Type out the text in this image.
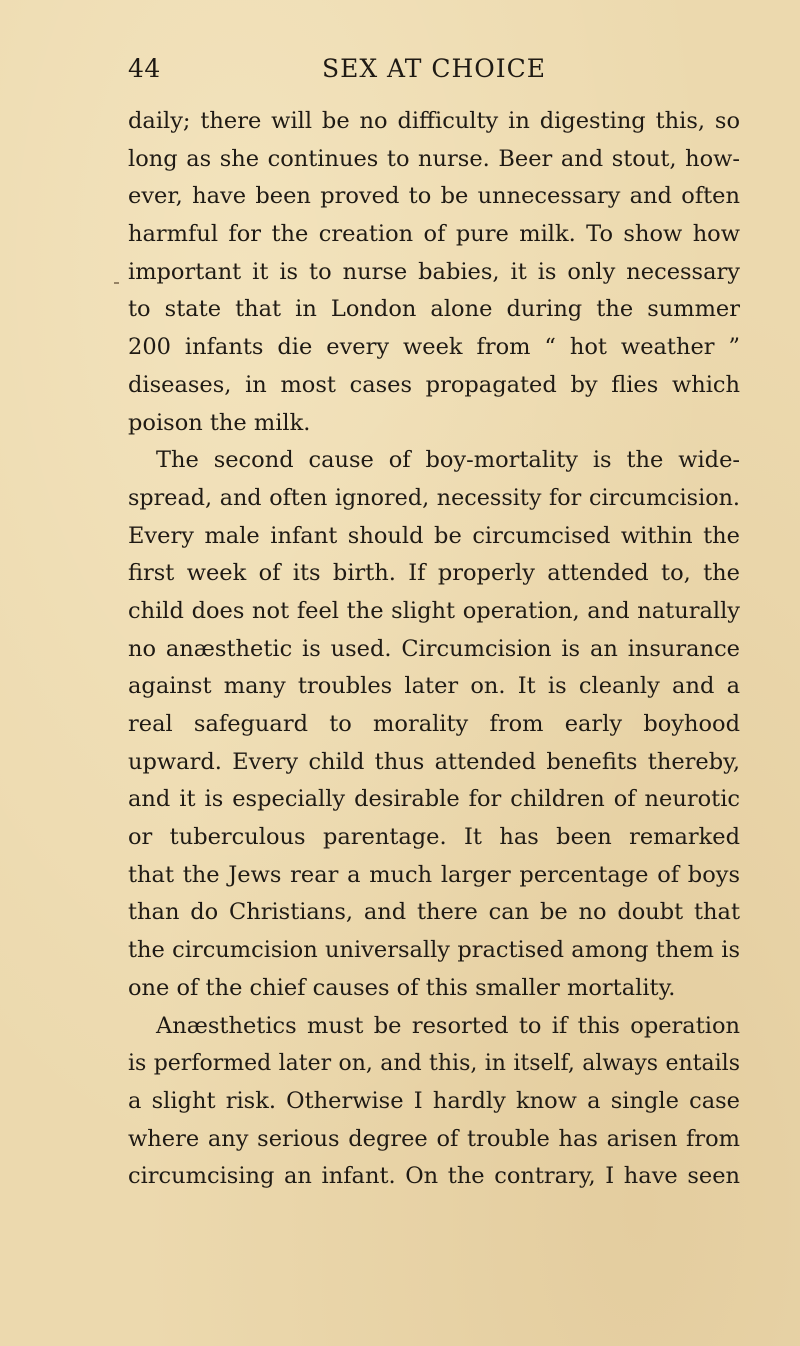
44	SEX AT CHOICE
daily; there will be no difficulty in digesting this, so
long as she continues to nurse. Beer and stout, how-
ever, have been proved to be unnecessary and often
harmful for the creation of pure milk. To show how
important it is to nurse babies, it is only necessary
to state that in London alone during the summer
200 infants die every week from “ hot weather ”
diseases, in most cases propagated by flies which
poison the milk.
The second cause of boy-mortality is the wide-
spread, and often ignored, necessity for circumcision.
Every male infant should be circumcised within the
first week of its birth. If properly attended to, the
child does not feel the slight operation, and naturally
no anæsthetic is used. Circumcision is an insurance
against many troubles later on. It is cleanly and a
real safeguard to morality from early boyhood
upward. Every child thus attended benefits thereby,
and it is especially desirable for children of neurotic
or tuberculous parentage. It has been remarked
that the Jews rear a much larger percentage of boys
than do Christians, and there can be no doubt that
the circumcision universally practised among them is
one of the chief causes of this smaller mortality.
Anæsthetics must be resorted to if this operation
is performed later on, and this, in itself, always entails
a slight risk. Otherwise I hardly know a single case
where any serious degree of trouble has arisen from
circumcising an infant. On the contrary, I have seen
